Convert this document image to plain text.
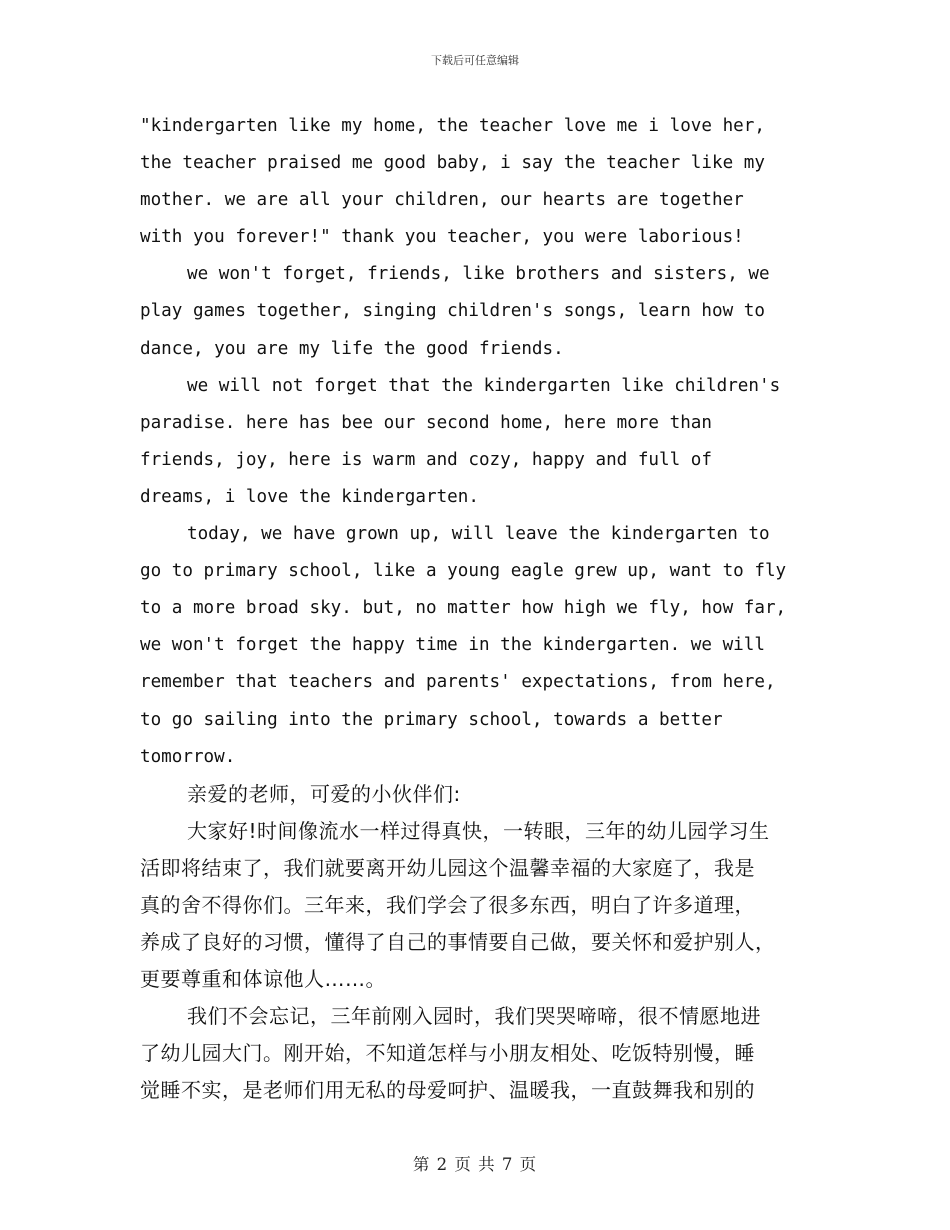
下载后可任意编辑
"kindergarten like my home, the teacher love me i love her,
the teacher praised me good baby, i say the teacher like my
mother. we are all your children, our hearts are together
with you forever!" thank you teacher, you were laborious!
we won't forget, friends, like brothers and sisters, we
play games together, singing children's songs, learn how to
dance, you are my life the good friends.
we will not forget that the kindergarten like children's
paradise. here has bee our second home, here more than
friends, joy, here is warm and cozy, happy and full of
dreams, i love the kindergarten.
today, we have grown up, will leave the kindergarten to
go to primary school, like a young eagle grew up, want to fly
to a more broad sky. but, no matter how high we fly, how far,
we won't forget the happy time in the kindergarten. we will
remember that teachers and parents' expectations, from here,
to go sailing into the primary school, towards a better
tomorrow.
亲爱的老师，可爱的小伙伴们:
大家好!时间像流水一样过得真快，一转眼，三年的幼儿园学习生
活即将结束了，我们就要离开幼儿园这个温馨幸福的大家庭了，我是
真的舍不得你们。三年来，我们学会了很多东西，明白了许多道理，
养成了良好的习惯，懂得了自己的事情要自己做，要关怀和爱护别人，
更要尊重和体谅他人……。
我们不会忘记，三年前刚入园时，我们哭哭啼啼，很不情愿地进
了幼儿园大门。刚开始，不知道怎样与小朋友相处、吃饭特别慢，睡
觉睡不实，是老师们用无私的母爱呵护、温暖我，一直鼓舞我和别的
第 2 页 共 7 页
